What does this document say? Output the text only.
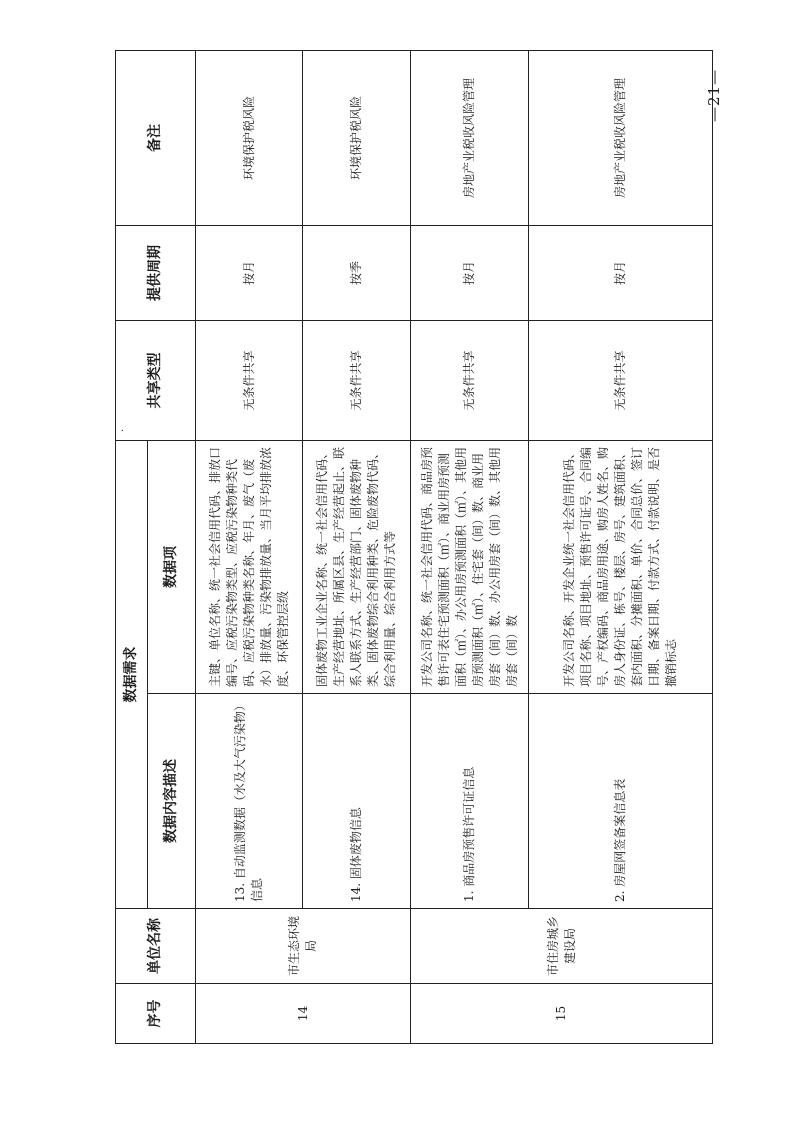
序号	单位名称	数据需求		共享类型	提供周期	备注
		数据内容描述	数据项			
14	市生态环境局	13. 自动监测数据（水及大气污染物）信息	主键、单位名称、统一社会信用代码、排放口编号、应税污染物类型、应税污染物种类代码、应税污染物种类名称、年月、废气（废水）排放量、污染物排放量、当月平均排放浓度、环保管控层级	无条件共享	按月	环境保护税风险
		14. 固体废物信息	固体废物工业企业名称、统一社会信用代码、生产经营地址、所属区县、生产经营起止、联系人联系方式、生产经营部门、固体废物种类、固体废物综合利用种类、危险废物代码、综合利用量、综合利用方式等	无条件共享	按季	环境保护税风险
15	市住房城乡建设局	1. 商品房预售许可证信息	开发公司名称、统一社会信用代码、商品房预售许可表住宅预测面积（㎡）、商业用房预测面积（㎡）、办公用房预测面积（㎡）、其他用房预测面积（㎡）、住宅套（间）数、商业用房套（间）数、办公用房套（间）数、其他用房套（间）数	无条件共享	按月	房地产业税收风险管理
		2. 房屋网签备案信息表	开发公司名称、开发企业统一社会信用代码、项目名称、项目地址、预售许可证号、合同编号、产权编码、商品房用途、购房人姓名、购房人身份证、栋号、楼层、房号、建筑面积、套内面积、分摊面积、单价、合同总价、签订日期、备案日期、付款方式、付款说明、是否撤销标志	无条件共享	按月	房地产业税收风险管理
·
—21—
